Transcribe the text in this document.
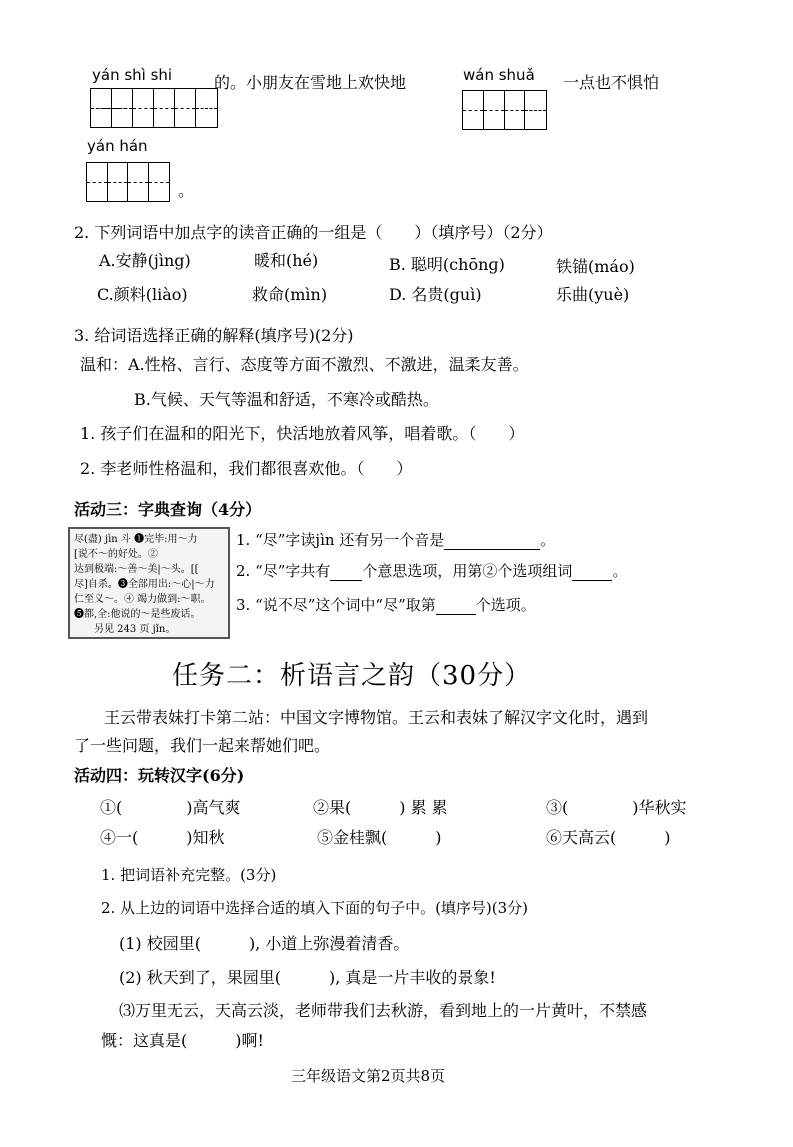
yán shì shi	的。小朋友在雪地上欢快地	wán shuǎ 一点也不惧怕
yán hán
。
2. 下列词语中加点字的读音正确的一组是（　　）（填序号）（2分）
A.安静(jìng)	暖和(hé)	B. 聪明(chōnɡ)	铁锚(máo)
C.颜料(liào)	救命(mìn)	D. 名贵(guì)	乐曲(yuè)
3. 给词语选择正确的解释(填序号)(2分)
温和：A.性格、言行、态度等方面不激烈、不激进，温柔友善。
B.气候、天气等温和舒适，不寒冷或酷热。
1. 孩子们在温和的阳光下，快活地放着风筝，唱着歌。（　　）
2. 李老师性格温和，我们都很喜欢他。（　　）
活动三：字典查询（4分）
尽(盡) jìn 斗 ❶完毕:用～力
[说不～的好处。②
达到极端:～善～美|～头。[[
尽]自杀。❸全部用出:～心|～力
仁至义～。④ 竭力做到:～职。
❺都,全:他说的～是些废话。
另见 243 页 jǐn。
1. “尽”字读jìn 还有另一个音是	。
2. “尽”字共有 个意思选项，用第②个选项组词	。
3. “说不尽”这个词中“尽”取第	个选项。
任务二：析语言之韵（30分）
王云带表妹打卡第二站：中国文字博物馆。王云和表妹了解汉字文化时，遇到
了一些问题，我们一起来帮她们吧。
活动四：玩转汉字(6分)
①(　　　　)高气爽	②果(　　　) 累 累	③(　　　　)华秋实
④一(　　　)知秋	⑤金桂飘(　　　)	⑥天高云(　　　)
1. 把词语补充完整。(3分)
2. 从上边的词语中选择合适的填入下面的句子中。(填序号)(3分)
(1) 校园里(　　　), 小道上弥漫着清香。
(2) 秋天到了，果园里(　　　), 真是一片丰收的景象!
⑶万里无云，天高云淡，老师带我们去秋游，看到地上的一片黄叶，不禁感
慨：这真是(　　　)啊!
三年级语文第2页共8页
